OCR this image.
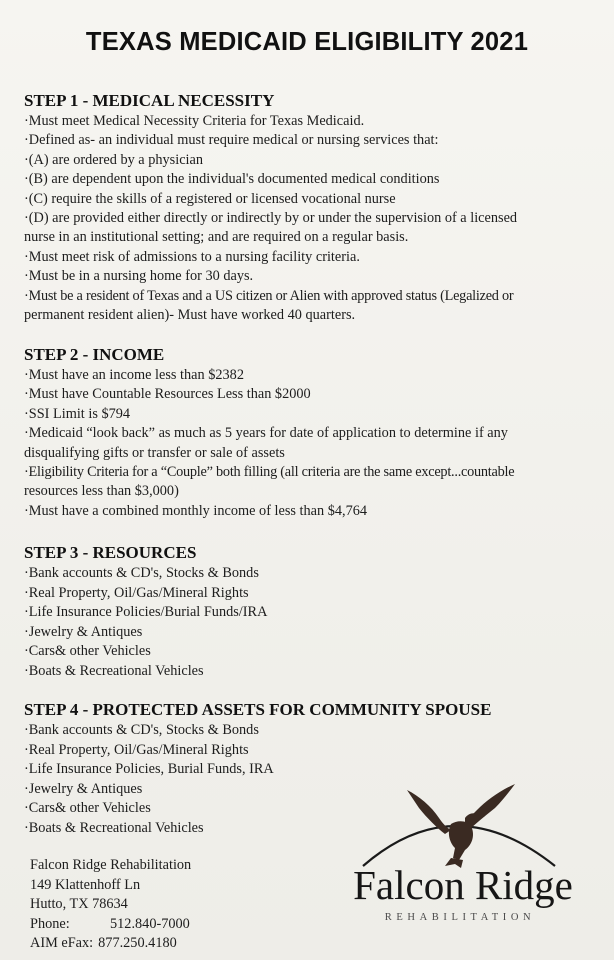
TEXAS MEDICAID ELIGIBILITY 2021
STEP 1 - MEDICAL NECESSITY
·Must meet Medical Necessity Criteria for Texas Medicaid.
·Defined as- an individual must require medical or nursing services that:
·(A) are ordered by a physician
·(B) are dependent upon the individual's documented medical conditions
·(C) require the skills of a registered or licensed vocational nurse
·(D) are provided either directly or indirectly by or under the supervision of a licensed
nurse in an institutional setting; and are required on a regular basis.
·Must meet risk of admissions to a nursing facility criteria.
·Must be in a nursing home for 30 days.
·Must be a resident of Texas and a US citizen or Alien with approved status (Legalized or
permanent resident alien)- Must have worked 40 quarters.
STEP 2 - INCOME
·Must have an income less than $2382
·Must have Countable Resources Less than $2000
·SSI Limit is $794
·Medicaid “look back” as much as 5 years for date of application to determine if any
disqualifying gifts or transfer or sale of assets
·Eligibility Criteria for a “Couple” both filling (all criteria are the same except...countable
resources less than $3,000)
·Must have a combined monthly income of less than $4,764
STEP 3 - RESOURCES
·Bank accounts & CD's, Stocks & Bonds
·Real Property, Oil/Gas/Mineral Rights
·Life Insurance Policies/Burial Funds/IRA
·Jewelry & Antiques
·Cars& other Vehicles
·Boats & Recreational Vehicles
STEP 4 - PROTECTED ASSETS FOR COMMUNITY SPOUSE
·Bank accounts & CD's, Stocks & Bonds
·Real Property, Oil/Gas/Mineral Rights
·Life Insurance Policies, Burial Funds, IRA
·Jewelry & Antiques
·Cars& other Vehicles
·Boats & Recreational Vehicles
Falcon Ridge Rehabilitation
149 Klattenhoff Ln
Hutto, TX 78634
Phone:	512.840-7000
AIM eFax: 877.250.4180
Falcon Ridge
REHABILITATION
